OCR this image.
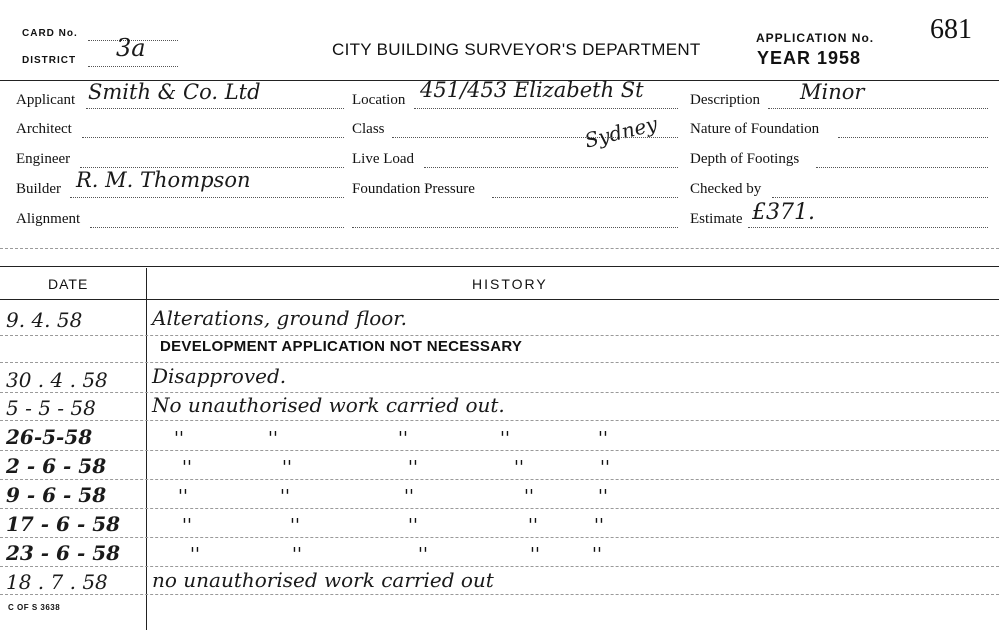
CARD No.
DISTRICT 3a	CITY BUILDING SURVEYOR'S DEPARTMENT
APPLICATION No. 681
YEAR 1958
Applicant Smith & Co. Ltd
Architect
Engineer
Builder R. M. Thompson
Alignment
Location 451/453 Elizabeth St
Sydney
Class
Live Load
Foundation Pressure
Description Minor
Nature of Foundation
Depth of Footings
Checked by
Estimate £371.
DATE	HISTORY
9. 4. 58	Alterations, ground floor.
DEVELOPMENT APPLICATION NOT NECESSARY
30 . 4 . 58	Disapproved.
5 - 5 - 58	No unauthorised work carried out.
26-5-58	''	''	''	''	''
2 - 6 - 58	''	''	''	''	''
9 - 6 - 58	''	''	''	''	''
17 - 6 - 58	''	''	''	''	''
23 - 6 - 58	''	''	''	''	''
18 . 7 . 58	no unauthorised work carried out
C OF S 3638
